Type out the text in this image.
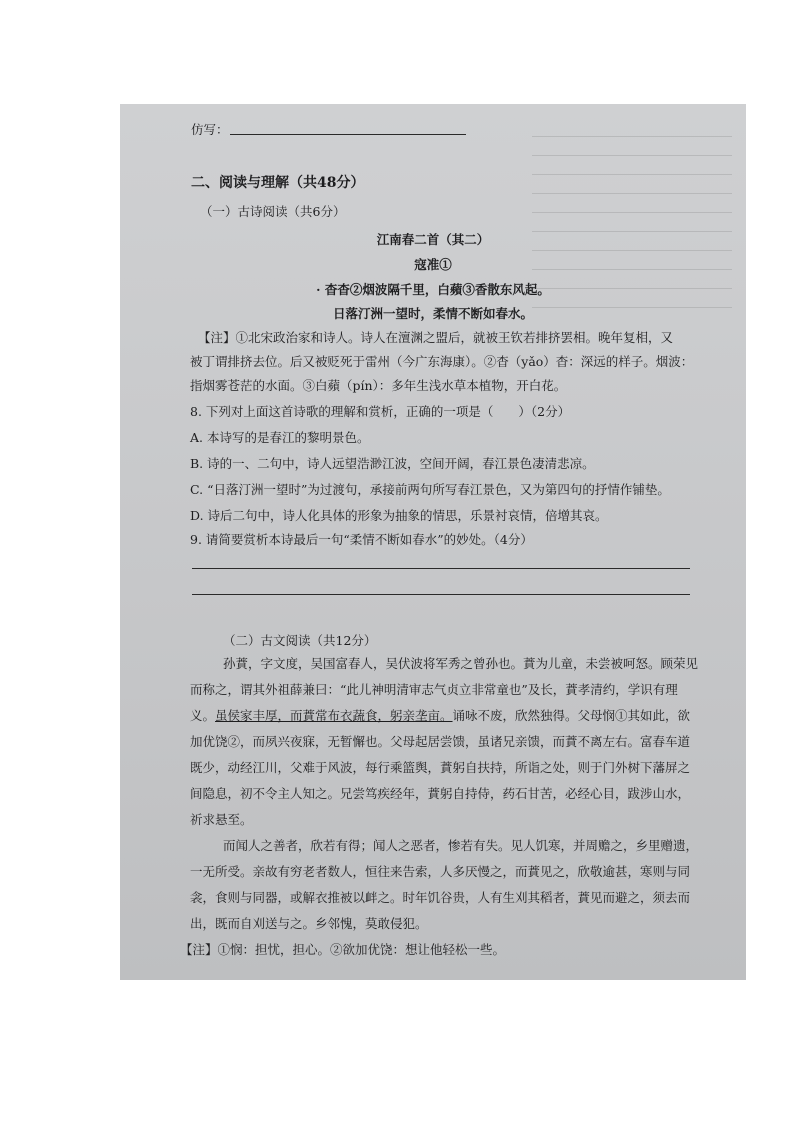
仿写：
二、阅读与理解（共48分）
（一）古诗阅读（共6分）
江南春二首（其二）
寇准①
· 杳杳②烟波隔千里，白蘋③香散东风起。
日落汀洲一望时，柔情不断如春水。
【注】①北宋政治家和诗人。诗人在澶渊之盟后，就被王钦若排挤罢相。晚年复相，又
被丁谓排挤去位。后又被贬死于雷州（今广东海康）。②杳（yǎo）杳：深远的样子。烟波：
指烟雾苍茫的水面。③白蘋（pín）：多年生浅水草本植物，开白花。
8. 下列对上面这首诗歌的理解和赏析，正确的一项是（　　）（2分）
A. 本诗写的是春江的黎明景色。
B. 诗的一、二句中，诗人远望浩渺江波，空间开阔，春江景色凄清悲凉。
C. “日落汀洲一望时”为过渡句，承接前两句所写春江景色，又为第四句的抒情作铺垫。
D. 诗后二句中，诗人化具体的形象为抽象的情思，乐景衬哀情，倍增其哀。
9. 请简要赏析本诗最后一句“柔情不断如春水”的妙处。（4分）
（二）古文阅读（共12分）
孙蕡，字文度，吴国富春人，吴伏波将军秀之曾孙也。蕡为儿童，未尝被呵怒。顾荣见
而称之，谓其外祖薛兼曰：“此儿神明清审志气贞立非常童也”及长，蕡孝清约，学识有理
义。虽侯家丰厚，而蕡常布衣蔬食，躬亲垄亩。诵咏不废，欣然独得。父母悯①其如此，欲
加优饶②，而夙兴夜寐，无暂懈也。父母起居尝馈，虽诸兄亲馈，而蕡不离左右。富春车道
既少，动经江川，父难于风波，每行乘篮舆，蕡躬自扶持，所诣之处，则于门外树下藩屏之
间隐息，初不令主人知之。兄尝笃疾经年，蕡躬自持侍，药石甘苦，必经心目，跋涉山水，
祈求悬至。
而闻人之善者，欣若有得；闻人之恶者，惨若有失。见人饥寒，并周赡之，乡里赠遗，
一无所受。亲故有穷老者数人，恒往来告索，人多厌慢之，而蕡见之，欣敬逾甚，寒则与同
衾，食则与同器，或解衣推被以衅之。时年饥谷贵，人有生刈其稻者，蕡见而避之，须去而
出，既而自刈送与之。乡邻愧，莫敢侵犯。
【注】①悯：担忧，担心。②欲加优饶：想让他轻松一些。
